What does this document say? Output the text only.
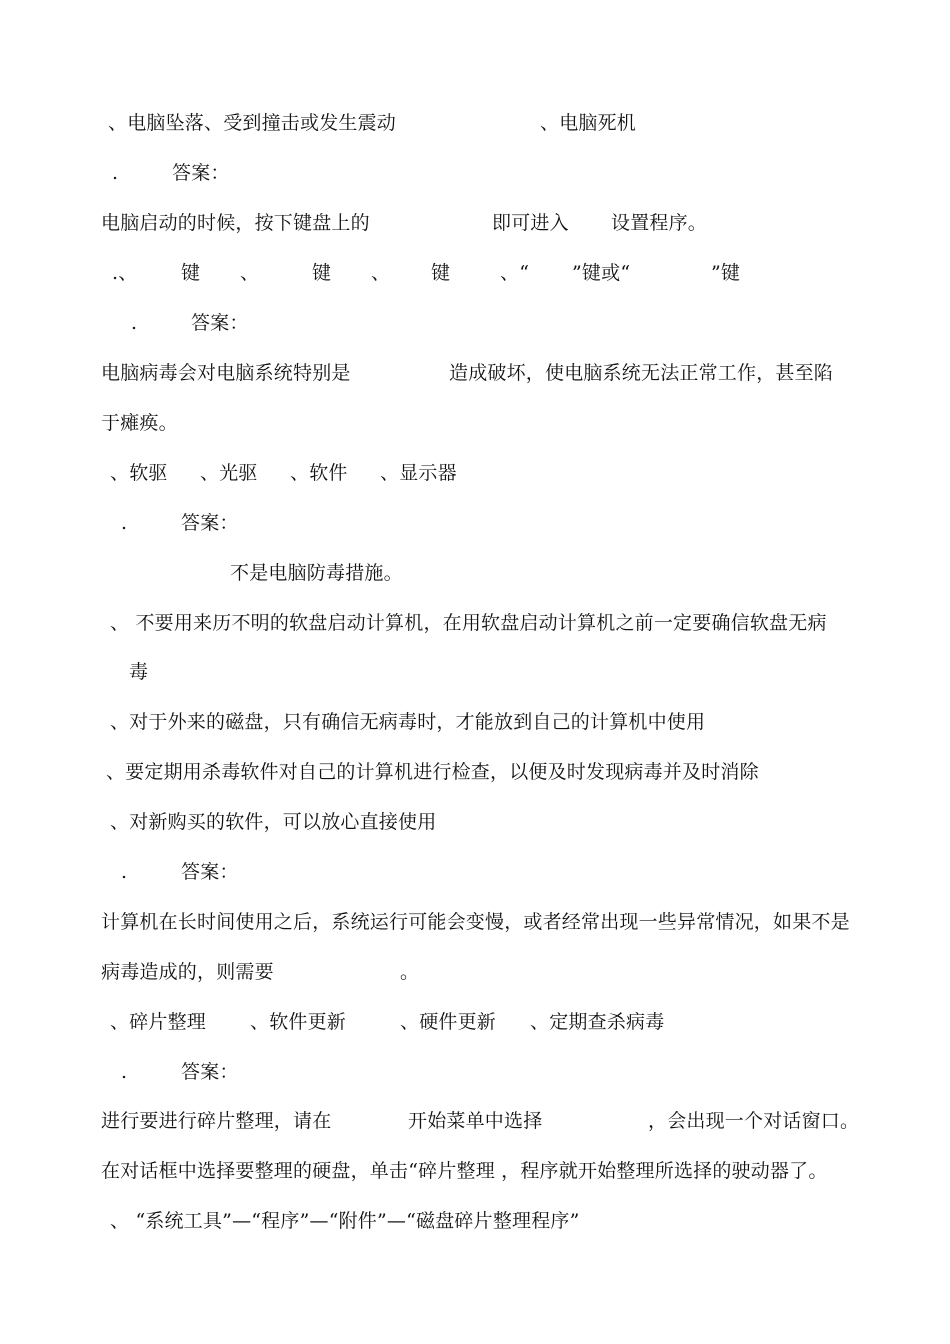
、电脑坠落、受到撞击或发生震动	、电脑死机
.	答案：
电脑启动的时候，按下键盘上的	即可进入 设置程序。
.、 键 、	键 、 键	、“ ”键或“	”键
.	答案：
电脑病毒会对电脑系统特别是	造成破坏，使电脑系统无法正常工作，甚至陷
于瘫痪。
、软驱 、光驱 、软件 、显示器
.	答案：
不是电脑防毒措施。
、 不要用来历不明的软盘启动计算机，在用软盘启动计算机之前一定要确信软盘无病
毒
、对于外来的磁盘，只有确信无病毒时，才能放到自己的计算机中使用
、要定期用杀毒软件对自己的计算机进行检查，以便及时发现病毒并及时消除
、对新购买的软件，可以放心直接使用
.	答案：
计算机在长时间使用之后，系统运行可能会变慢，或者经常出现一些异常情况，如果不是
病毒造成的，则需要	。
、碎片整理 、软件更新	、硬件更新 、定期查杀病毒
.	答案：
进行要进行碎片整理，请在	开始菜单中选择	，会出现一个对话窗口。
在对话框中选择要整理的硬盘，单击“碎片整理 ，程序就开始整理所选择的驶动器了。
、 “系统工具”—“程序”—“附件”—“磁盘碎片整理程序”
